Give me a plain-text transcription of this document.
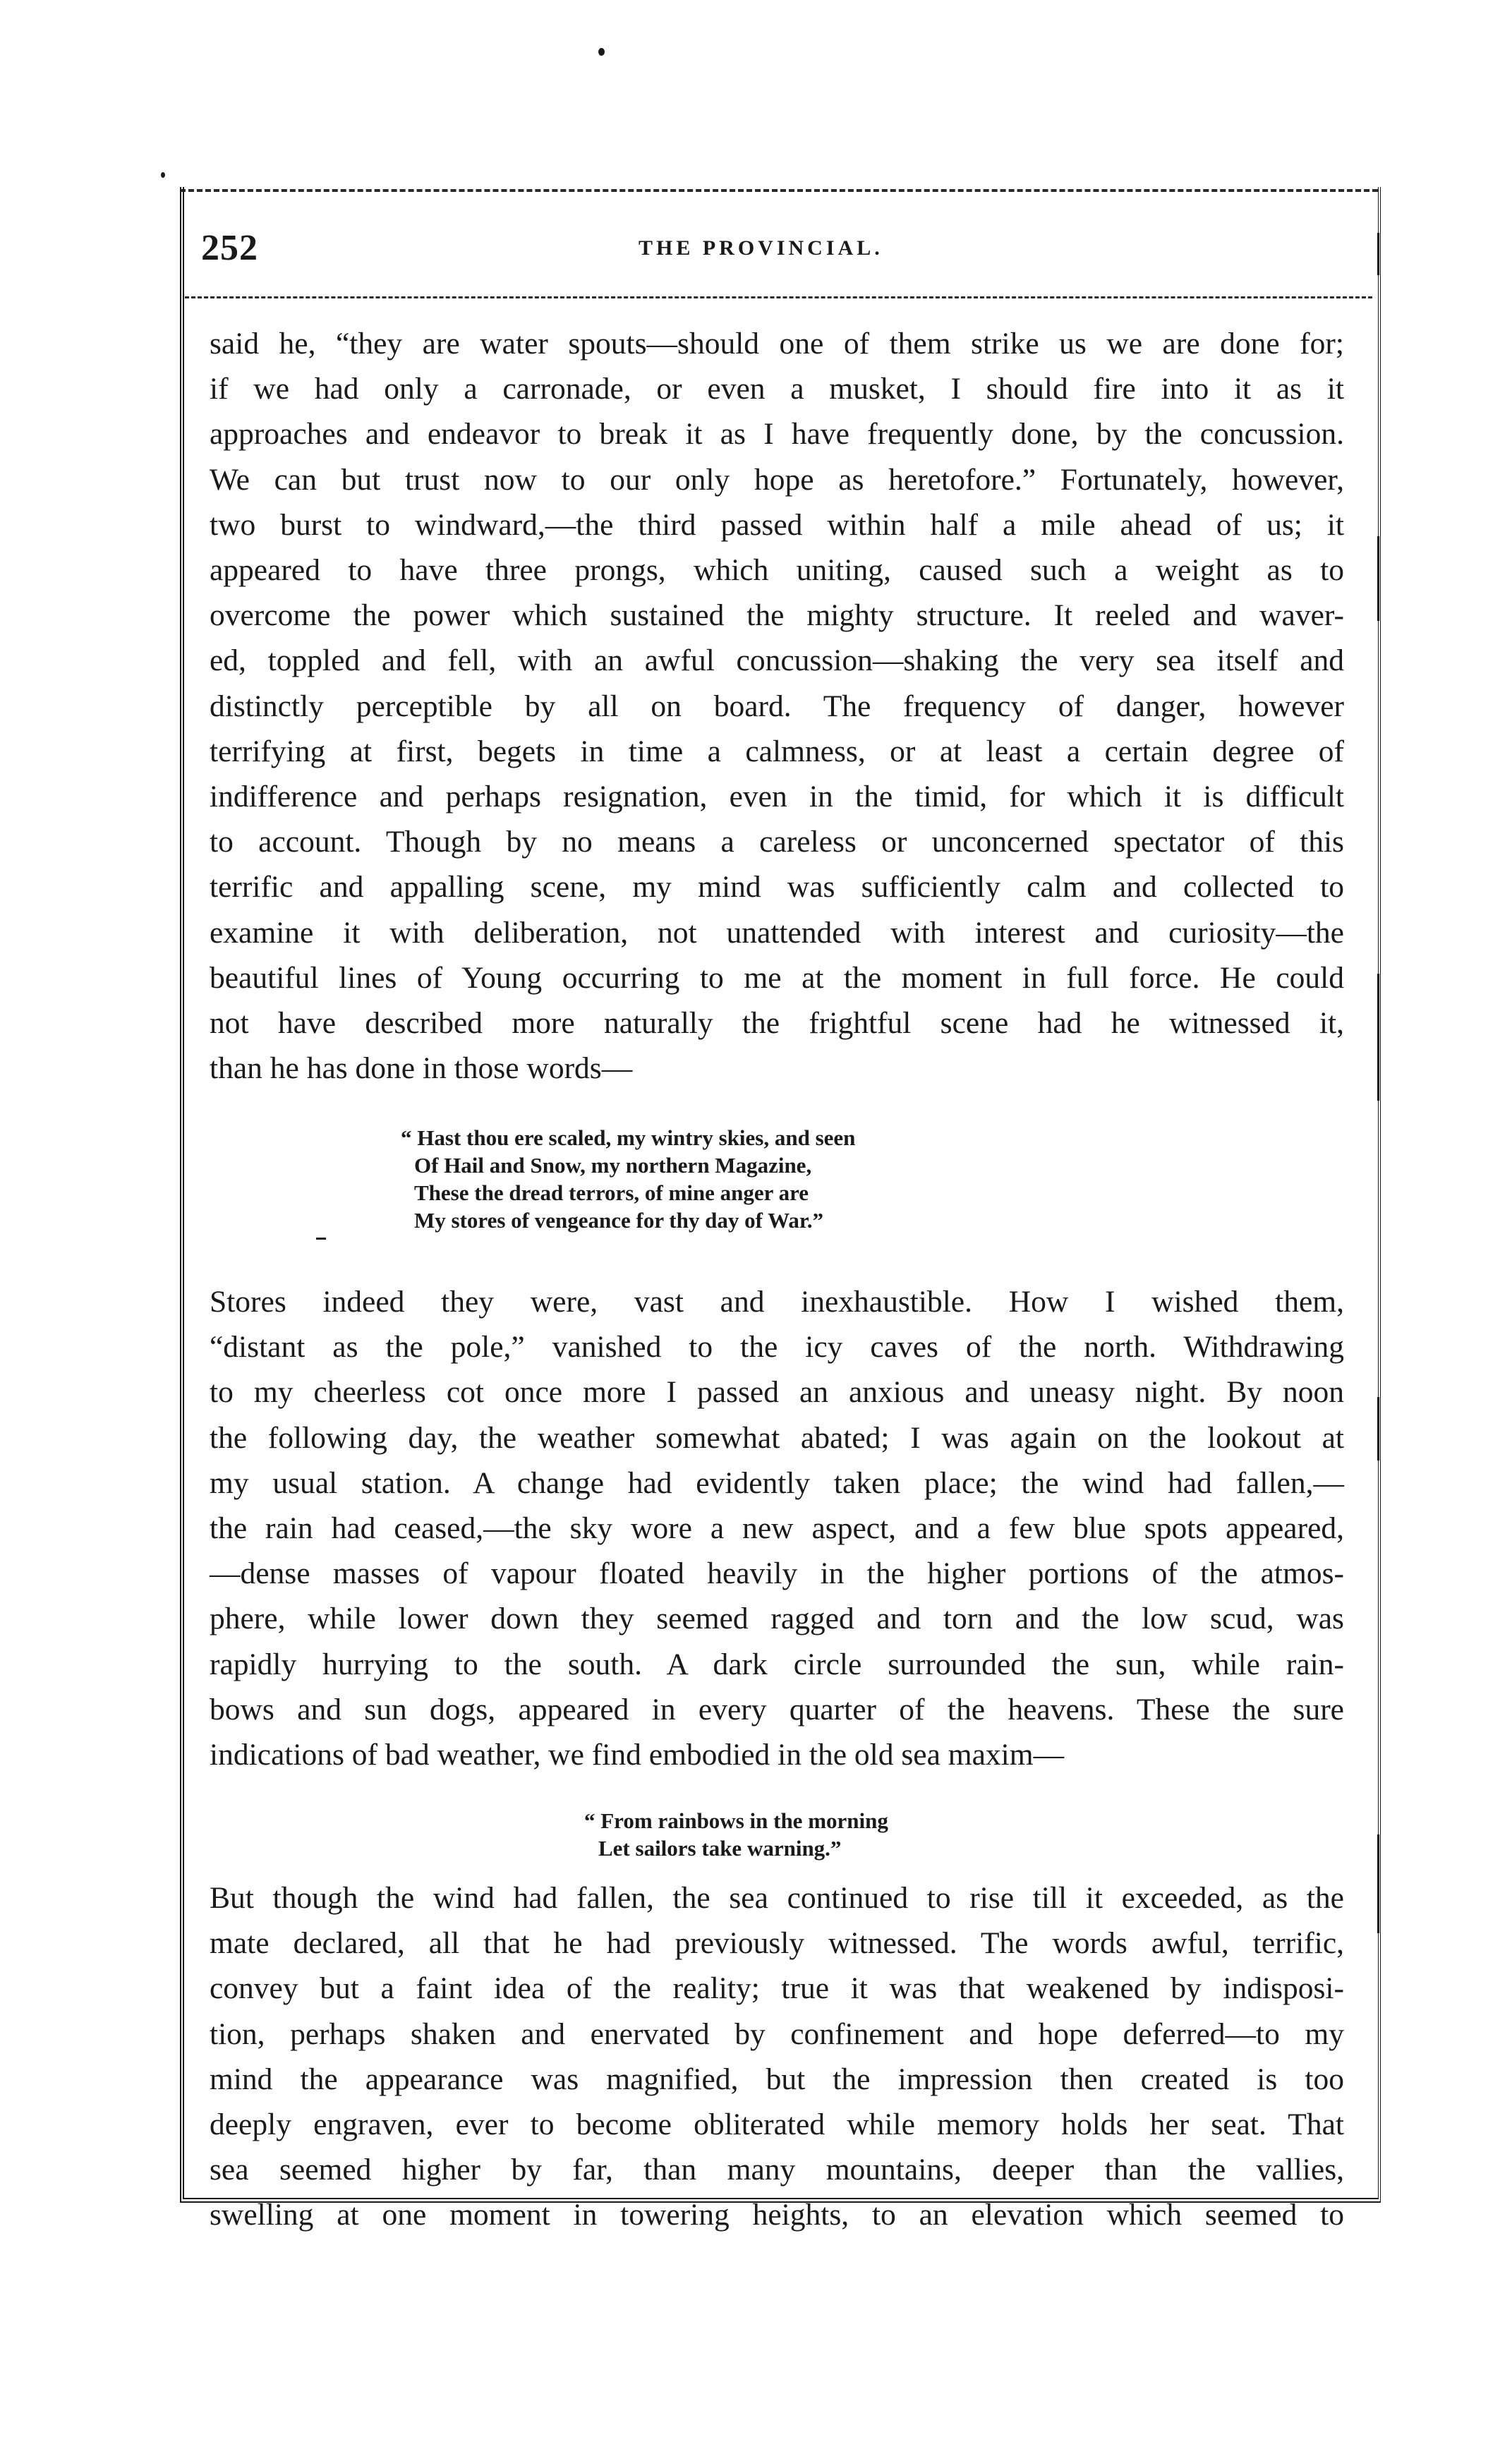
252	THE PROVINCIAL.

said he, “they are water spouts—should one of them strike us we are done for;
if we had only a carronade, or even a musket, I should fire into it as it
approaches and endeavor to break it as I have frequently done, by the concussion.
We can but trust now to our only hope as heretofore.” Fortunately, however,
two burst to windward,—the third passed within half a mile ahead of us; it
appeared to have three prongs, which uniting, caused such a weight as to
overcome the power which sustained the mighty structure. It reeled and waver-
ed, toppled and fell, with an awful concussion—shaking the very sea itself and
distinctly perceptible by all on board. The frequency of danger, however
terrifying at first, begets in time a calmness, or at least a certain degree of
indifference and perhaps resignation, even in the timid, for which it is difficult
to account. Though by no means a careless or unconcerned spectator of this
terrific and appalling scene, my mind was sufficiently calm and collected to
examine it with deliberation, not unattended with interest and curiosity—the
beautiful lines of Young occurring to me at the moment in full force. He could
not have described more naturally the frightful scene had he witnessed it,
than he has done in those words—

“ Hast thou ere scaled, my wintry skies, and seen
Of Hail and Snow, my northern Magazine,
These the dread terrors, of mine anger are
My stores of vengeance for thy day of War.”

Stores indeed they were, vast and inexhaustible. How I wished them,
“distant as the pole,” vanished to the icy caves of the north. Withdrawing
to my cheerless cot once more I passed an anxious and uneasy night. By noon
the following day, the weather somewhat abated; I was again on the lookout at
my usual station. A change had evidently taken place; the wind had fallen,—
the rain had ceased,—the sky wore a new aspect, and a few blue spots appeared,
—dense masses of vapour floated heavily in the higher portions of the atmos-
phere, while lower down they seemed ragged and torn and the low scud, was
rapidly hurrying to the south. A dark circle surrounded the sun, while rain-
bows and sun dogs, appeared in every quarter of the heavens. These the sure
indications of bad weather, we find embodied in the old sea maxim—

“ From rainbows in the morning
Let sailors take warning.”

But though the wind had fallen, the sea continued to rise till it exceeded, as the
mate declared, all that he had previously witnessed. The words awful, terrific,
convey but a faint idea of the reality; true it was that weakened by indisposi-
tion, perhaps shaken and enervated by confinement and hope deferred—to my
mind the appearance was magnified, but the impression then created is too
deeply engraven, ever to become obliterated while memory holds her seat. That
sea seemed higher by far, than many mountains, deeper than the vallies,
swelling at one moment in towering heights, to an elevation which seemed to
